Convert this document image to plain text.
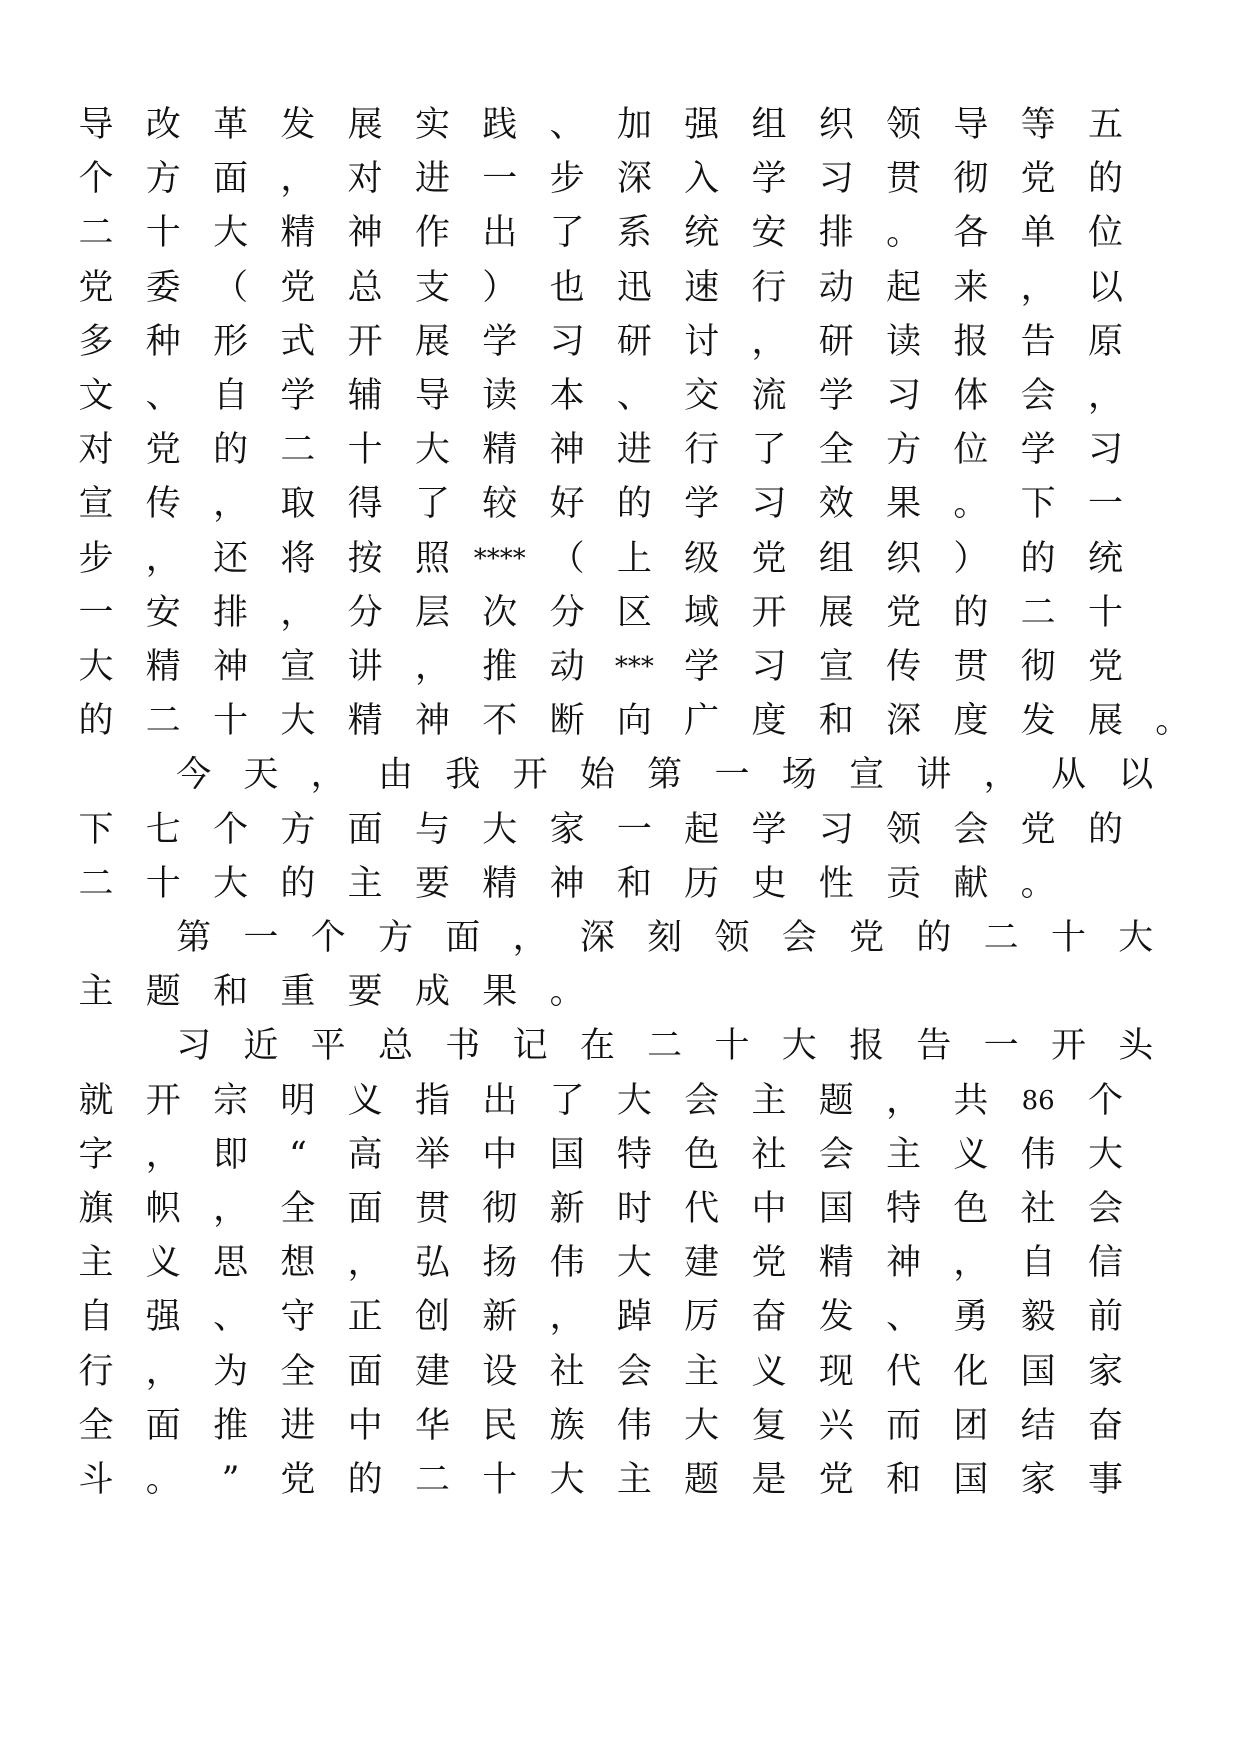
导 改 革 发 展 实 践 、 加 强 组 织 领 导 等 五
个 方 面 ， 对 进 一 步 深 入 学 习 贯 彻 党 的
二 十 大 精 神 作 出 了 系 统 安 排 。 各 单 位
党 委 （ 党 总 支 ） 也 迅 速 行 动 起 来 ， 以
多 种 形 式 开 展 学 习 研 讨 ， 研 读 报 告 原
文 、 自 学 辅 导 读 本 、 交 流 学 习 体 会 ，
对 党 的 二 十 大 精 神 进 行 了 全 方 位 学 习
宣 传 ， 取 得 了 较 好 的 学 习 效 果 。 下 一
步 ， 还 将 按 照 **** （ 上 级 党 组 织 ） 的 统
一 安 排 ， 分 层 次 分 区 域 开 展 党 的 二 十
大 精 神 宣 讲 ， 推 动	*** 学 习 宣 传 贯 彻 党
的 二 十 大 精 神 不 断 向 广 度 和 深 度 发 展 。
今 天 ， 由 我 开 始 第 一 场 宣 讲 ， 从 以
下 七 个 方 面 与 大 家 一 起 学 习 领 会 党 的
二 十 大 的 主 要 精 神 和 历 史 性 贡 献 。
第 一 个 方 面 ， 深 刻 领 会 党 的 二 十 大
主 题 和 重 要 成 果 。
习 近 平 总 书 记 在 二 十 大 报 告 一 开 头
就 开 宗 明 义 指 出 了 大 会 主 题 ， 共	86 个
字 ， 即	“	高 举 中 国 特 色 社 会 主 义 伟 大
旗 帜 ， 全 面 贯 彻 新 时 代 中 国 特 色 社 会
主 义 思 想 ， 弘 扬 伟 大 建 党 精 神 ， 自 信
自 强 、 守 正 创 新 ， 踔 厉 奋 发 、 勇 毅 前
行 ， 为 全 面 建 设 社 会 主 义 现 代 化 国 家
全 面 推 进 中 华 民 族 伟 大 复 兴 而 团 结 奋
斗 。	”	党 的 二 十 大 主 题 是 党 和 国 家 事
